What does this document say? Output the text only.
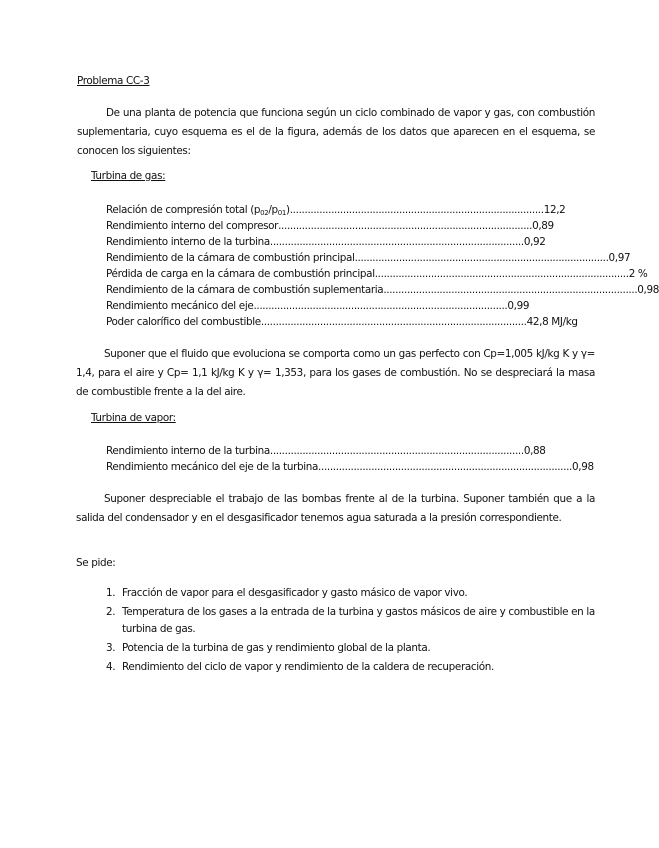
Problema CC-3
De una planta de potencia que funciona según un ciclo combinado de vapor y gas, con combustión suplementaria, cuyo esquema es el de la figura, además de los datos que aparecen en el esquema, se conocen los siguientes:
Turbina de gas:
Relación de compresión total $(p_{02}/p_{01})$ ...................................................................................... 12,2
Rendimiento interno del compresor ...................................................................................... 0,89
Rendimiento interno de la turbina ...................................................................................... 0,92
Rendimiento de la cámara de combustión principal ...................................................................................... 0,97
Pérdida de carga en la cámara de combustión principal ...................................................................................... 2 %
Rendimiento de la cámara de combustión suplementaria ...................................................................................... 0,98
Rendimiento mecánico del eje ...................................................................................... 0,99
Poder calorífico del combustible .......................................................................................... 42,8 MJ/kg
Suponer que el fluido que evoluciona se comporta como un gas perfecto con Cp=1,005 kJ/kg K y γ= 1,4, para el aire y Cp= 1,1 kJ/kg K y γ= 1,353, para los gases de combustión. No se despreciará la masa de combustible frente a la del aire.
Turbina de vapor:
Rendimiento interno de la turbina ...................................................................................... 0,88
Rendimiento mecánico del eje de la turbina ...................................................................................... 0,98
Suponer despreciable el trabajo de las bombas frente al de la turbina. Suponer también que a la salida del condensador y en el desgasificador tenemos agua saturada a la presión correspondiente.
Se pide:
1. Fracción de vapor para el desgasificador y gasto másico de vapor vivo.
2. Temperatura de los gases a la entrada de la turbina y gastos másicos de aire y combustible en la turbina de gas.
3. Potencia de la turbina de gas y rendimiento global de la planta.
4. Rendimiento del ciclo de vapor y rendimiento de la caldera de recuperación.
